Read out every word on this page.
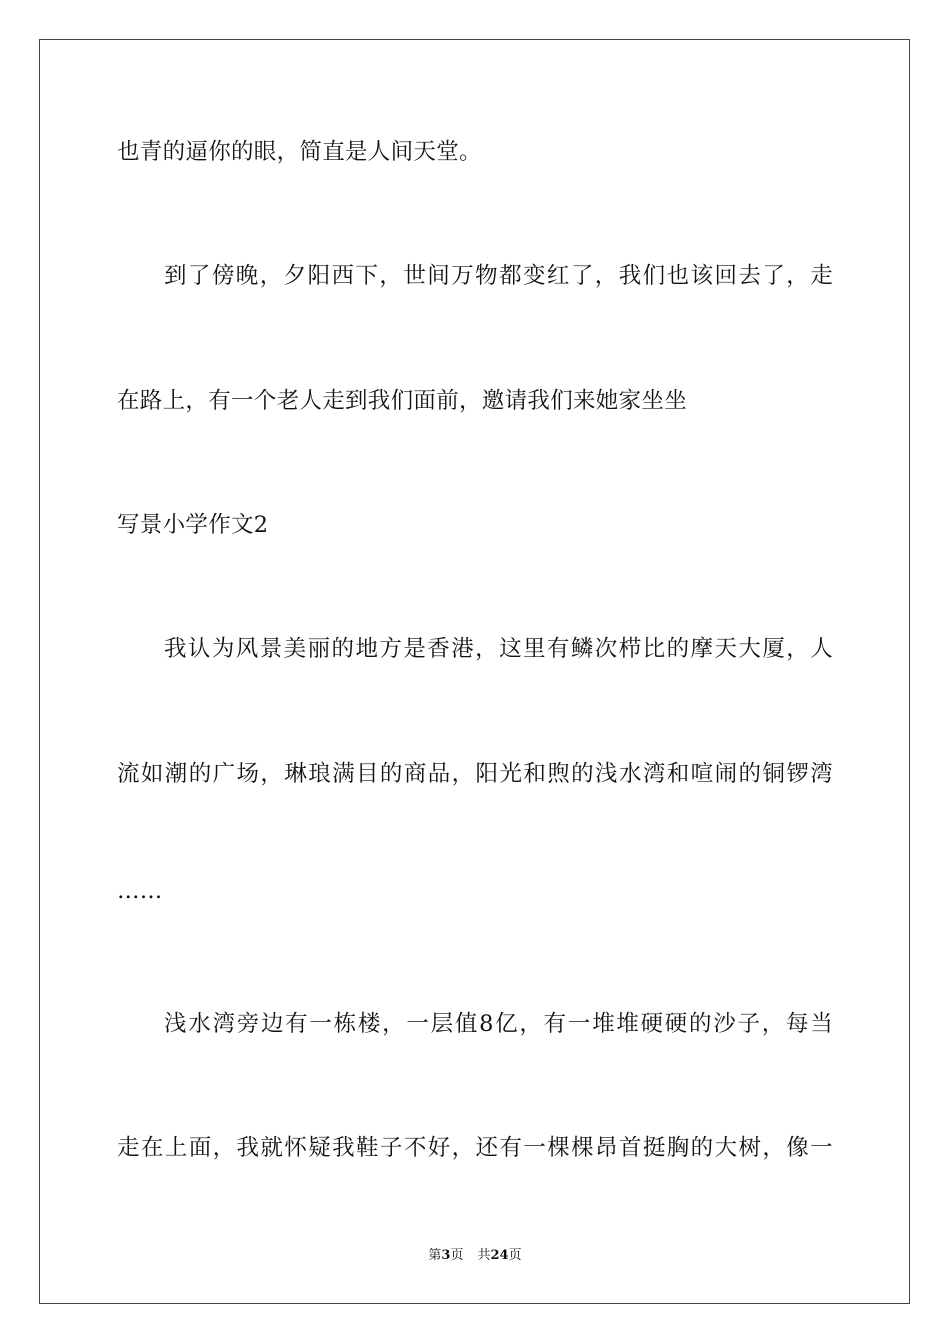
也青的逼你的眼，简直是人间天堂。
到了傍晚，夕阳西下，世间万物都变红了，我们也该回去了，走
在路上，有一个老人走到我们面前，邀请我们来她家坐坐
写景小学作文2
我认为风景美丽的地方是香港，这里有鳞次栉比的摩天大厦，人
流如潮的广场，琳琅满目的商品，阳光和煦的浅水湾和喧闹的铜锣湾
……
浅水湾旁边有一栋楼，一层值8亿，有一堆堆硬硬的沙子，每当
走在上面，我就怀疑我鞋子不好，还有一棵棵昂首挺胸的大树，像一
第3页 共24页
